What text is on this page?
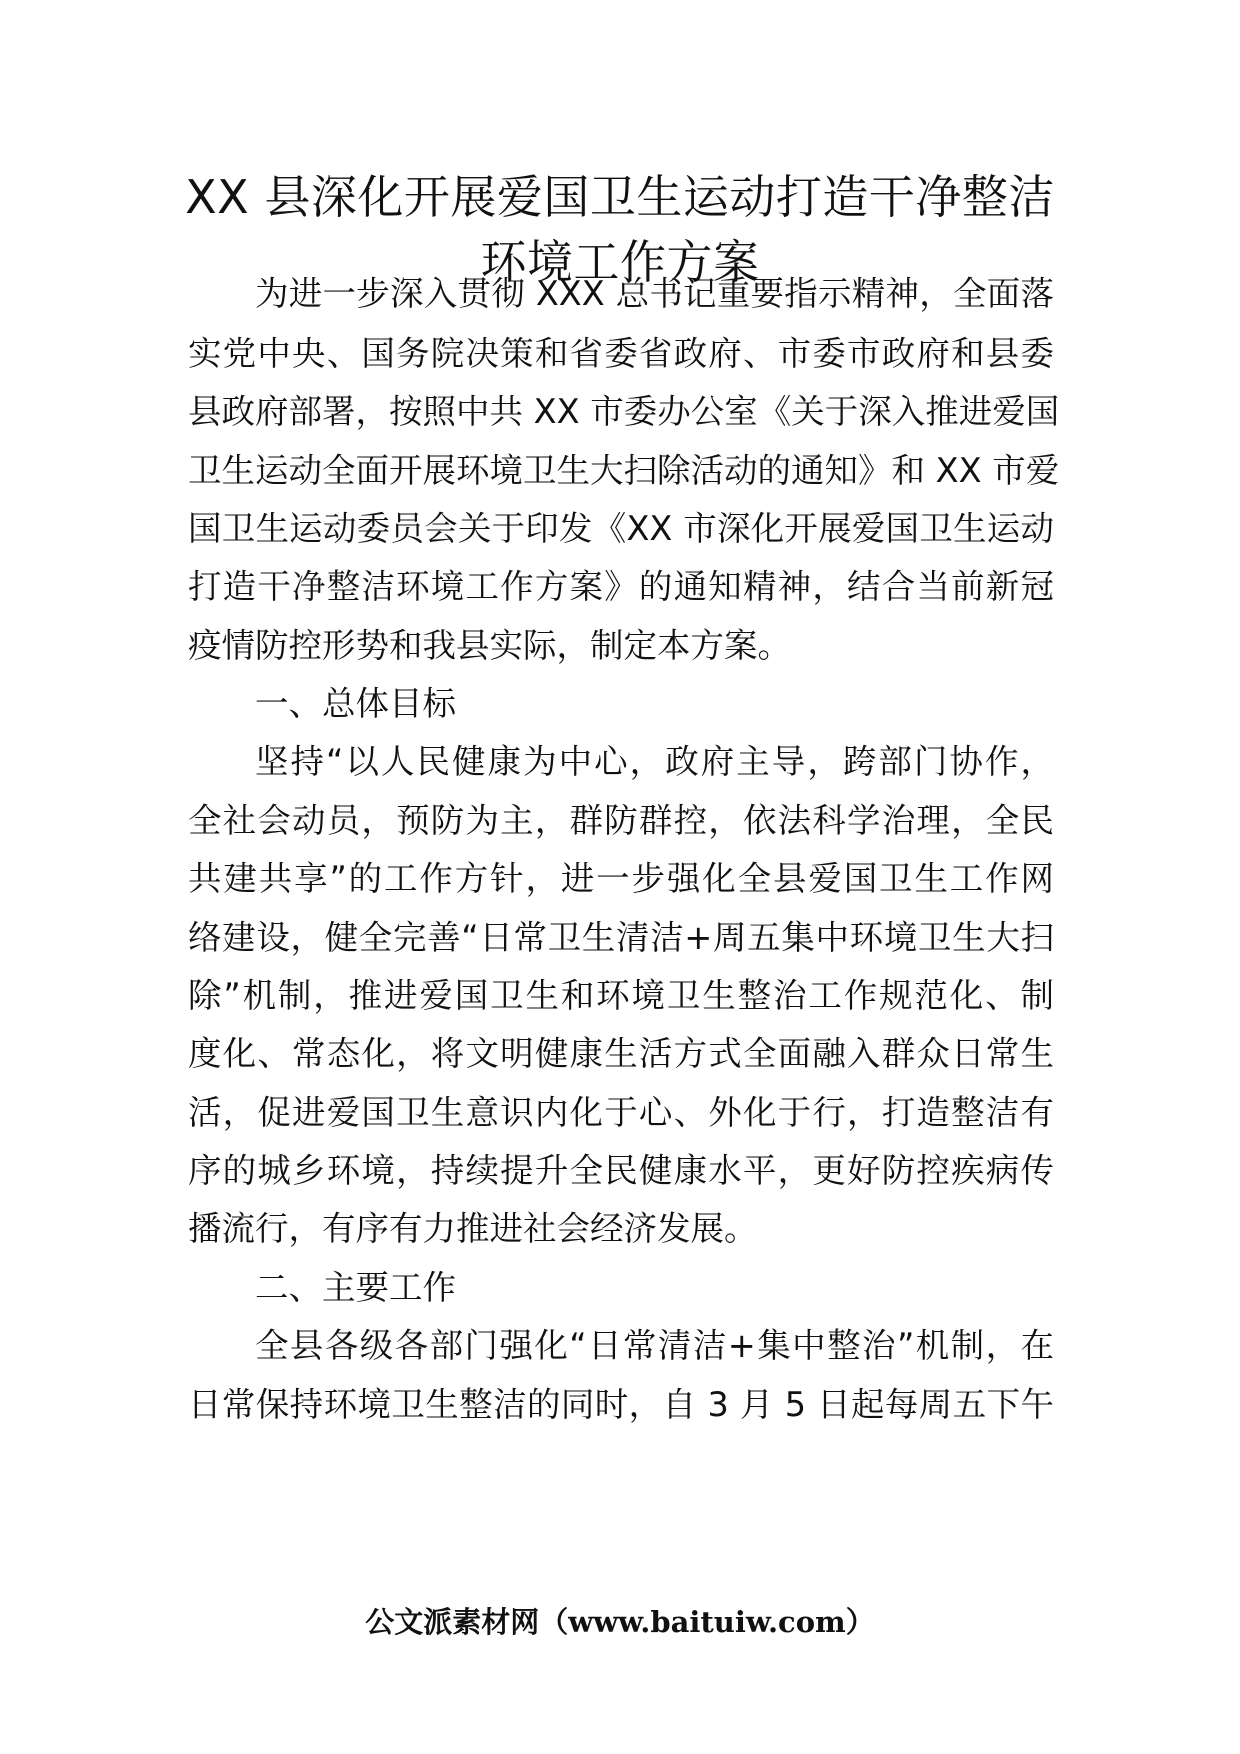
XX 县深化开展爱国卫生运动打造干净整洁
环境工作方案
为进一步深入贯彻 XXX 总书记重要指示精神，全面落
实党中央、国务院决策和省委省政府、市委市政府和县委
县政府部署，按照中共 XX 市委办公室《关于深入推进爱国
卫生运动全面开展环境卫生大扫除活动的通知》和 XX 市爱
国卫生运动委员会关于印发《XX 市深化开展爱国卫生运动
打造干净整洁环境工作方案》的通知精神，结合当前新冠
疫情防控形势和我县实际，制定本方案。
一、总体目标
坚持“以人民健康为中心，政府主导，跨部门协作，
全社会动员，预防为主，群防群控，依法科学治理，全民
共建共享”的工作方针，进一步强化全县爱国卫生工作网
络建设，健全完善“日常卫生清洁+周五集中环境卫生大扫
除”机制，推进爱国卫生和环境卫生整治工作规范化、制
度化、常态化，将文明健康生活方式全面融入群众日常生
活，促进爱国卫生意识内化于心、外化于行，打造整洁有
序的城乡环境，持续提升全民健康水平，更好防控疾病传
播流行，有序有力推进社会经济发展。
二、主要工作
全县各级各部门强化“日常清洁+集中整治”机制，在
日常保持环境卫生整洁的同时，自 3 月 5 日起每周五下午
公文派素材网（www.baituiw.com）
